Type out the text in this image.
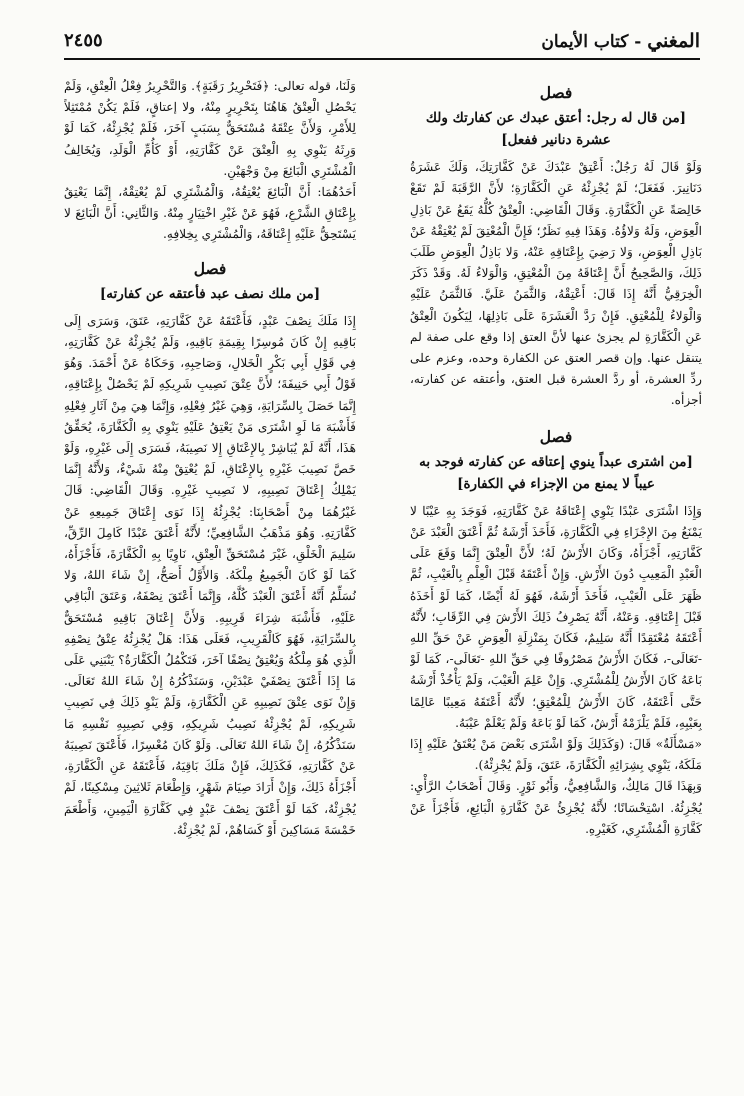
المغني - كتاب الأيمان
٢٤٥٥
فصل
[من قال له رجل: أعتق عبدك عن كفارتك ولك عشرة دنانير ففعل]

وَلَوْ قَالَ لَهُ رَجُلٌ: أَعْتِقْ عَبْدَكَ عَنْ كَفَّارَتِكَ، وَلَكَ عَشَرَةُ دَنَانِيرَ. فَفَعَلَ؛ لَمْ يُجْزِئْهُ عَنِ الْكَفَّارَةِ؛ لأَنَّ الرَّقَبَةَ لَمْ تَقَعْ خَالِصَةً عَنِ الْكَفَّارَةِ. وَقَالَ الْقَاضِي: الْعِتْقُ كُلُّهُ يَقَعُ عَنْ بَاذِلِ الْعِوَضِ، وَلَهُ وَلاؤُهُ. وَهَذَا فِيهِ نَظَرٌ؛ فَإِنَّ الْمُعْتِقَ لَمْ يُعْتِقْهُ عَنْ بَاذِلِ الْعِوَضِ، وَلا رَضِيَ بِإِعْتَاقِهِ عَنْهُ، وَلا بَاذِلُ الْعِوَضِ طَلَبَ ذَلِكَ، وَالصَّحِيحُ أَنَّ إِعْتَاقَهُ مِنَ الْمُعْتِقِ، وَالْوَلاءُ لَهُ. وَقَدْ ذَكَرَ الْخِرَقِيُّ أَنَّهُ إِذَا قَالَ: أَعْتِقْهُ، وَالثَّمَنُ عَلَيَّ. فَالثَّمَنُ عَلَيْهِ وَالْوَلاءُ لِلْمُعْتِقِ. فَإِنْ رَدَّ الْعَشَرَةَ عَلَى بَاذِلِهَا، لِيَكُونَ الْعِتْقُ عَنِ الْكَفَّارَةِ لم يجزئ عنها لأنَّ العتق إذا وقع على صفة لم يتنقل عنها. وإن قصر العتق عن الكفارة وحده، وعزم على ردِّ العشرة، أو ردَّ العشرة قبل العتق، وأعتقه عن كفارته، أجزأه.

فصل
[من اشترى عبداً ينوي إعتاقه عن كفارته فوجد به عيباً لا يمنع من الإجزاء في الكفارة]

وَإِذَا اشْتَرَى عَبْدًا يَنْوِي إِعْتَاقَهُ عَنْ كَفَّارَتِهِ، فَوَجَدَ بِهِ عَيْبًا لا يَمْنَعُ مِنَ الإِجْزَاءِ فِي الْكَفَّارَةِ، فَأَخَذَ أَرْشَهُ ثُمَّ أَعْتَقَ الْعَبْدَ عَنْ كَفَّارَتِهِ، أَجْزَأَهُ، وَكَانَ الأَرْشُ لَهُ؛ لأَنَّ الْعِتْقَ إِنَّمَا وَقَعَ عَلَى الْعَبْدِ الْمَعِيبِ دُونَ الأَرْشِ. وَإِنْ أَعْتَقَهُ قَبْلَ الْعِلْمِ بِالْعَيْبِ، ثُمَّ ظَهَرَ عَلَى الْعَيْبِ، فَأَخَذَ أَرْشَهُ، فَهُوَ لَهُ أَيْضًا، كَمَا لَوْ أَخَذَهُ قَبْلَ إِعْتَاقِهِ. وَعَنْهُ، أَنَّهُ يَصْرِفُ ذَلِكَ الأَرْشَ فِي الرِّقَابِ؛ لأَنَّهُ أَعْتَقَهُ مُعْتَقِدًا أَنَّهُ سَلِيمٌ، فَكَانَ بِمَنْزِلَةِ الْعِوَضِ عَنْ حَقِّ اللهِ -تَعَالَى-، فَكَانَ الأَرْشُ مَصْرُوفًا فِي حَقِّ اللهِ -تَعَالَى-، كَمَا لَوْ بَاعَهُ كَانَ الأَرْشُ لِلْمُشْتَرِي. وَإِنْ عَلِمَ الْعَيْبَ، وَلَمْ يَأْخُذْ أَرْشَهُ حَتَّى أَعْتَقَهُ، كَانَ الأَرْشُ لِلْمُعْتِقِ؛ لأَنَّهُ أَعْتَقَهُ مَعِيبًا عَالِمًا بِعَيْبِهِ، فَلَمْ يَلْزَمْهُ أَرْشٌ، كَمَا لَوْ بَاعَهُ وَلَمْ يَعْلَمْ عَيْبَهُ.

«مَسْأَلَةٌ» قَالَ: (وَكَذَلِكَ وَلَوْ اشْتَرَى بَعْضَ مَنْ يُعْتَقُ عَلَيْهِ إِذَا مَلَكَهُ، يَنْوِي بِشِرَائِهِ الْكَفَّارَةَ، عَتَقَ، وَلَمْ يُجْزِئْهُ).

وَبِهَذَا قَالَ مَالِكٌ، وَالشَّافِعِيُّ، وَأَبُو ثَوْرٍ. وَقَالَ أَصْحَابُ الرَّأْيِ: يُجْزِئُهُ. اسْتِحْسَانًا؛ لأَنَّهُ يُجْزِئُ عَنْ كَفَّارَةِ الْبَائِعِ، فَأَجْزَأَ عَنْ كَفَّارَةِ الْمُشْتَرِي، كَغَيْرِهِ.

وَلَنَا، قوله تعالى: ﴿فَتَحْرِيرُ رَقَبَةٍ﴾. وَالتَّحْرِيرُ فِعْلُ الْعِتْقِ، وَلَمْ يَحْصُلِ الْعِتْقُ هَاهُنَا بِتَحْرِيرٍ مِنْهُ، ولا إعتاقٍ، فَلَمْ يَكُنْ مُمْتَثِلاً لِلأَمْرِ، وَلأَنَّ عِتْقَهُ مُسْتَحَقٌّ بِسَبَبٍ آخَرَ، فَلَمْ يُجْزِئْهُ، كَمَا لَوْ وَرِثَهُ يَنْوِي بِهِ الْعِتْقَ عَنْ كَفَّارَتِهِ، أَوْ كَأُمِّ الْوَلَدِ، وَيُخَالِفُ الْمُشْتَرِي الْبَائِعَ مِنْ وَجْهَيْنِ.

أَحَدُهُمَا: أَنَّ الْبَائِعَ يُعْتِقُهُ، وَالْمُشْتَرِي لَمْ يُعْتِقْهُ، إِنَّمَا يَعْتِقُ بِإِعْتَاقِ الشَّرْعِ، فَهُوَ عَنْ غَيْرِ اخْتِيَارٍ مِنْهُ. وَالثَّانِي: أَنَّ الْبَائِعَ لا يَسْتَحِقُّ عَلَيْهِ إِعْتَاقَهُ، وَالْمُشْتَرِي بِخِلافِهِ.

فصل
[من ملك نصف عبد فأعتقه عن كفارته]

إِذَا مَلَكَ نِصْفَ عَبْدٍ، فَأَعْتَقَهُ عَنْ كَفَّارَتِهِ، عَتَقَ، وَسَرَى إِلَى بَاقِيهِ إِنْ كَانَ مُوسِرًا بِقِيمَةِ بَاقِيهِ، وَلَمْ يُجْزِئْهُ عَنْ كَفَّارَتِهِ، فِي قَوْلِ أَبِي بَكْرٍ الْخَلالِ، وَصَاحِبِهِ، وَحَكَاهُ عَنْ أَحْمَدَ. وَهُوَ قَوْلُ أَبِي حَنِيفَةَ؛ لأَنَّ عِتْقَ نَصِيبِ شَرِيكِهِ لَمْ يَحْصُلْ بِإِعْتَاقِهِ، إِنَّمَا حَصَلَ بِالسِّرَايَةِ، وَهِيَ غَيْرُ فِعْلِهِ، وَإِنَّمَا هِيَ مِنْ آثَارِ فِعْلِهِ فَأَشْبَهَ مَا لَوِ اشْتَرَى مَنْ يَعْتِقُ عَلَيْهِ يَنْوِي بِهِ الْكَفَّارَةَ، يُحَقِّقُ هَذَا، أَنَّهُ لَمْ يُبَاشِرْ بِالإِعْتَاقِ إِلا نَصِيبَهُ، فَسَرَى إِلَى غَيْرِهِ، وَلَوْ خَصَّ نَصِيبَ غَيْرِهِ بِالإِعْتَاقِ، لَمْ يُعْتِقْ مِنْهُ شَيْءٌ، وَلأَنَّهُ إِنَّمَا يَمْلِكُ إِعْتَاقَ نَصِيبِهِ، لا نَصِيبِ غَيْرِهِ. وَقَالَ الْقَاضِي: قَالَ غَيْرُهُمَا مِنْ أَصْحَابِنَا: يُجْزِئُهُ إِذَا نَوَى إِعْتَاقَ جَمِيعِهِ عَنْ كَفَّارَتِهِ. وَهُوَ مَذْهَبُ الشَّافِعِيِّ؛ لأَنَّهُ أَعْتَقَ عَبْدًا كَامِلَ الرِّقِّ، سَلِيمَ الْخَلْقِ، غَيْرَ مُسْتَحَقِّ الْعِتْقِ، نَاوِيًا بِهِ الْكَفَّارَةَ، فَأَجْزَأَهُ، كَمَا لَوْ كَانَ الْجَمِيعُ مِلْكَهُ. وَالأَوَّلُ أَصَحُّ، إِنْ شَاءَ اللهُ، وَلا نُسَلِّمُ أَنَّهُ أَعْتَقَ الْعَبْدَ كُلَّهُ، وَإِنَّمَا أَعْتَقَ نِصْفَهُ، وَعَتَقَ الْبَاقِي عَلَيْهِ، فَأَشْبَهَ شِرَاءَ قَرِيبِهِ. وَلأَنَّ إِعْتَاقَ بَاقِيهِ مُسْتَحَقٌّ بِالسِّرَايَةِ، فَهُوَ كَالْقَرِيبِ، فَعَلَى هَذَا: هَلْ يُجْزِئُهُ عِتْقُ نِصْفِهِ الَّذِي هُوَ مِلْكُهُ وَيُعْتِقُ نِصْفًا آخَرَ، فَتَكْمُلُ الْكَفَّارَةُ؟ يَنْبَنِي عَلَى مَا إِذَا أَعْتَقَ نِصْفَيْ عَبْدَيْنِ، وَسَنَذْكُرُهُ إِنْ شَاءَ اللهُ تَعَالَى. وَإِنْ نَوَى عِتْقَ نَصِيبِهِ عَنِ الْكَفَّارَةِ، وَلَمْ يَنْوِ ذَلِكَ فِي نَصِيبِ شَرِيكِهِ، لَمْ يُجْزِئْهُ نَصِيبُ شَرِيكِهِ، وَفِي نَصِيبِهِ نَفْسِهِ مَا سَنَذْكُرُهُ، إِنْ شَاءَ اللهُ تَعَالَى. وَلَوْ كَانَ مُعْسِرًا، فَأَعْتَقَ نَصِيبَهُ عَنْ كَفَّارَتِهِ، فَكَذَلِكَ، فَإِنْ مَلَكَ بَاقِيَهُ، فَأَعْتَقَهُ عَنِ الْكَفَّارَةِ، أَجْزَأَهُ ذَلِكَ، وَإِنْ أَرَادَ صِيَامَ شَهْرٍ، وَإِطْعَامَ ثَلاثِينَ مِسْكِينًا، لَمْ يُجْزِئْهُ، كَمَا لَوْ أَعْتَقَ نِصْفَ عَبْدٍ فِي كَفَّارَةِ الْيَمِينِ، وَأَطْعَمَ خَمْسَةَ مَسَاكِينَ أَوْ كَسَاهُمْ، لَمْ يُجْزِئْهُ.
